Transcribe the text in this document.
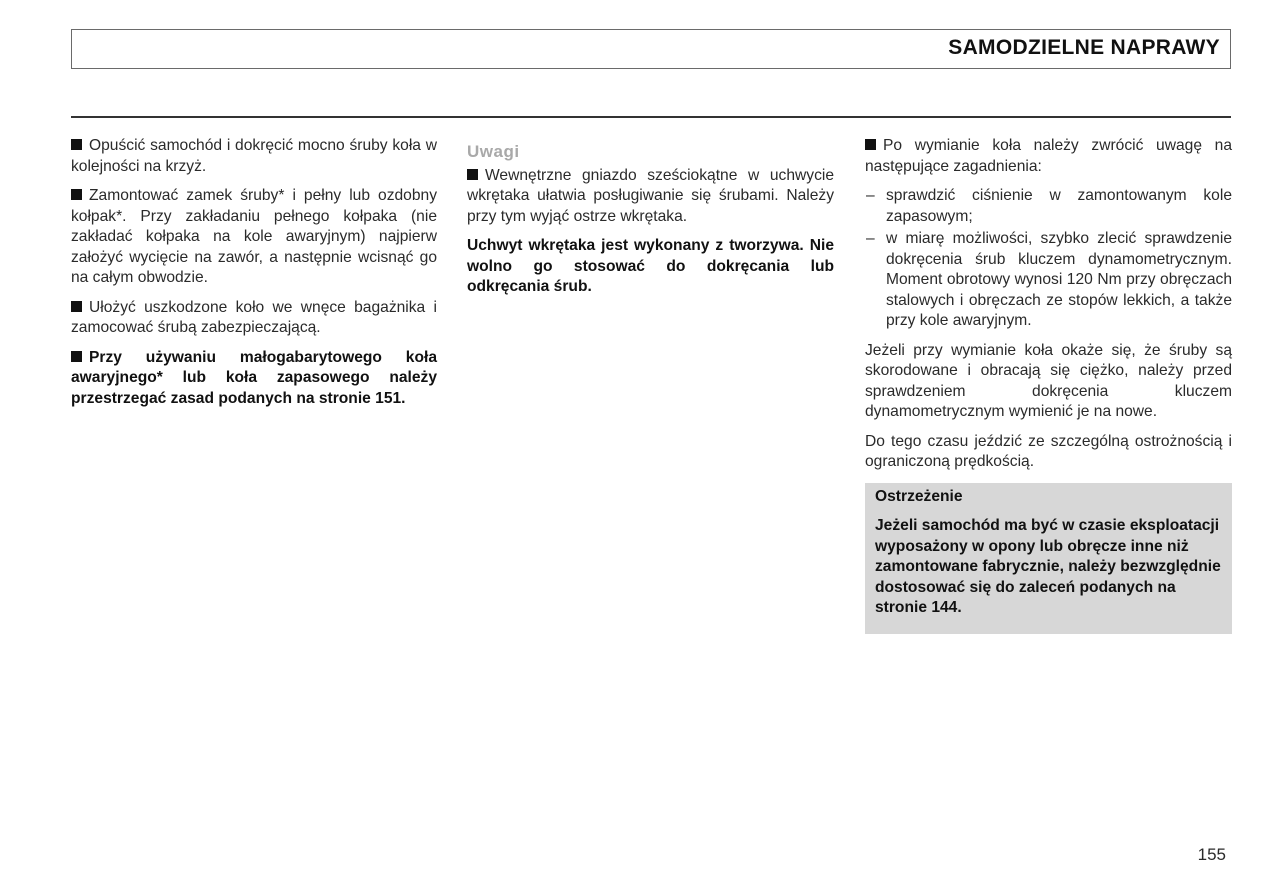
SAMODZIELNE NAPRAWY

Opuścić samochód i dokręcić mocno śruby koła w kolejności na krzyż.

Zamontować zamek śruby* i pełny lub ozdobny kołpak*. Przy zakładaniu pełnego kołpaka (nie zakładać kołpaka na kole awaryjnym) najpierw założyć wycięcie na zawór, a następnie wcisnąć go na całym obwodzie.

Ułożyć uszkodzone koło we wnęce bagażnika i zamocować śrubą zabezpieczającą.

Przy używaniu małogabarytowego koła awaryjnego* lub koła zapasowego należy przestrzegać zasad podanych na stronie 151.

Uwagi

Wewnętrzne gniazdo sześciokątne w uchwycie wkrętaka ułatwia posługiwanie się śrubami. Należy przy tym wyjąć ostrze wkrętaka.

Uchwyt wkrętaka jest wykonany z tworzywa. Nie wolno go stosować do dokręcania lub odkręcania śrub.

Po wymianie koła należy zwrócić uwagę na następujące zagadnienia:

– sprawdzić ciśnienie w zamontowanym kole zapasowym;
– w miarę możliwości, szybko zlecić sprawdzenie dokręcenia śrub kluczem dynamometrycznym. Moment obrotowy wynosi 120 Nm przy obręczach stalowych i obręczach ze stopów lekkich, a także przy kole awaryjnym.

Jeżeli przy wymianie koła okaże się, że śruby są skorodowane i obracają się ciężko, należy przed sprawdzeniem dokręcenia kluczem dynamometrycznym wymienić je na nowe.

Do tego czasu jeździć ze szczególną ostrożnością i ograniczoną prędkością.

Ostrzeżenie

Jeżeli samochód ma być w czasie eksploatacji wyposażony w opony lub obręcze inne niż zamontowane fabrycznie, należy bezwzględnie dostosować się do zaleceń podanych na stronie 144.

155
